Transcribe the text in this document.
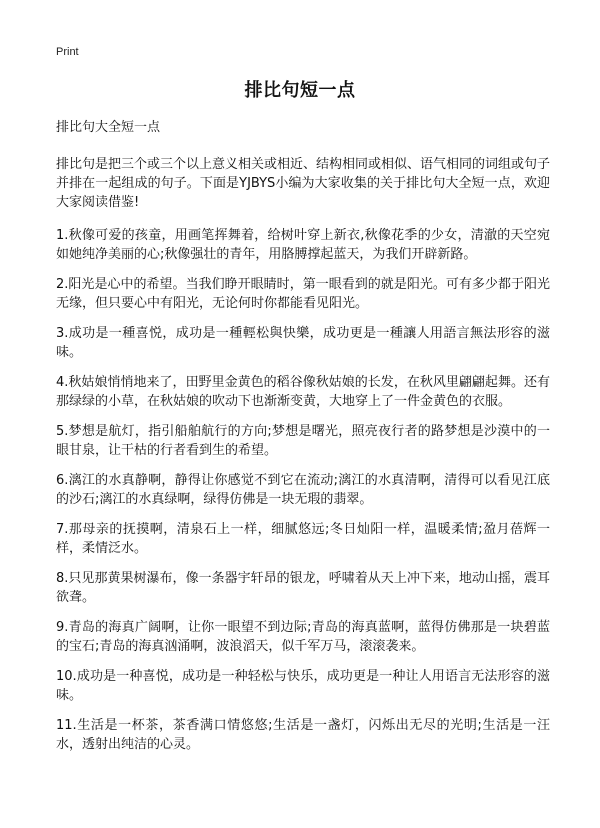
Print
排比句短一点

排比句大全短一点

排比句是把三个或三个以上意义相关或相近、结构相同或相似、语气相同的词组或句子并排在一起组成的句子。下面是YJBYS小编为大家收集的关于排比句大全短一点，欢迎大家阅读借鉴!

1.秋像可爱的孩童，用画笔挥舞着，给树叶穿上新衣,秋像花季的少女，清澈的天空宛如她纯净美丽的心;秋像强壮的青年，用胳膊撑起蓝天，为我们开辟新路。

2.阳光是心中的希望。当我们睁开眼睛时，第一眼看到的就是阳光。可有多少都于阳光无缘，但只要心中有阳光，无论何时你都能看见阳光。

3.成功是一種喜悦，成功是一種輕松與快樂，成功更是一種讓人用語言無法形容的滋味。

4.秋姑娘悄悄地来了，田野里金黄色的稻谷像秋姑娘的长发，在秋风里翩翩起舞。还有那绿绿的小草，在秋姑娘的吹动下也渐渐变黄，大地穿上了一件金黄色的衣服。

5.梦想是航灯，指引船舶航行的方向;梦想是曙光，照亮夜行者的路梦想是沙漠中的一眼甘泉，让干枯的行者看到生的希望。

6.漓江的水真静啊，静得让你感觉不到它在流动;漓江的水真清啊，清得可以看见江底的沙石;漓江的水真绿啊，绿得仿佛是一块无瑕的翡翠。

7.那母亲的抚摸啊，清泉石上一样，细腻悠远;冬日灿阳一样，温暖柔情;盈月蓓辉一样，柔情泛水。

8.只见那黄果树瀑布，像一条器宇轩昂的银龙，呼啸着从天上冲下来，地动山摇，震耳欲聋。

9.青岛的海真广阔啊，让你一眼望不到边际;青岛的海真蓝啊，蓝得仿佛那是一块碧蓝的宝石;青岛的海真汹涌啊，波浪滔天，似千军万马，滚滚袭来。

10.成功是一种喜悦，成功是一种轻松与快乐，成功更是一种让人用语言无法形容的滋味。

11.生活是一杯茶，茶香满口情悠悠;生活是一盏灯，闪烁出无尽的光明;生活是一汪水，透射出纯洁的心灵。
